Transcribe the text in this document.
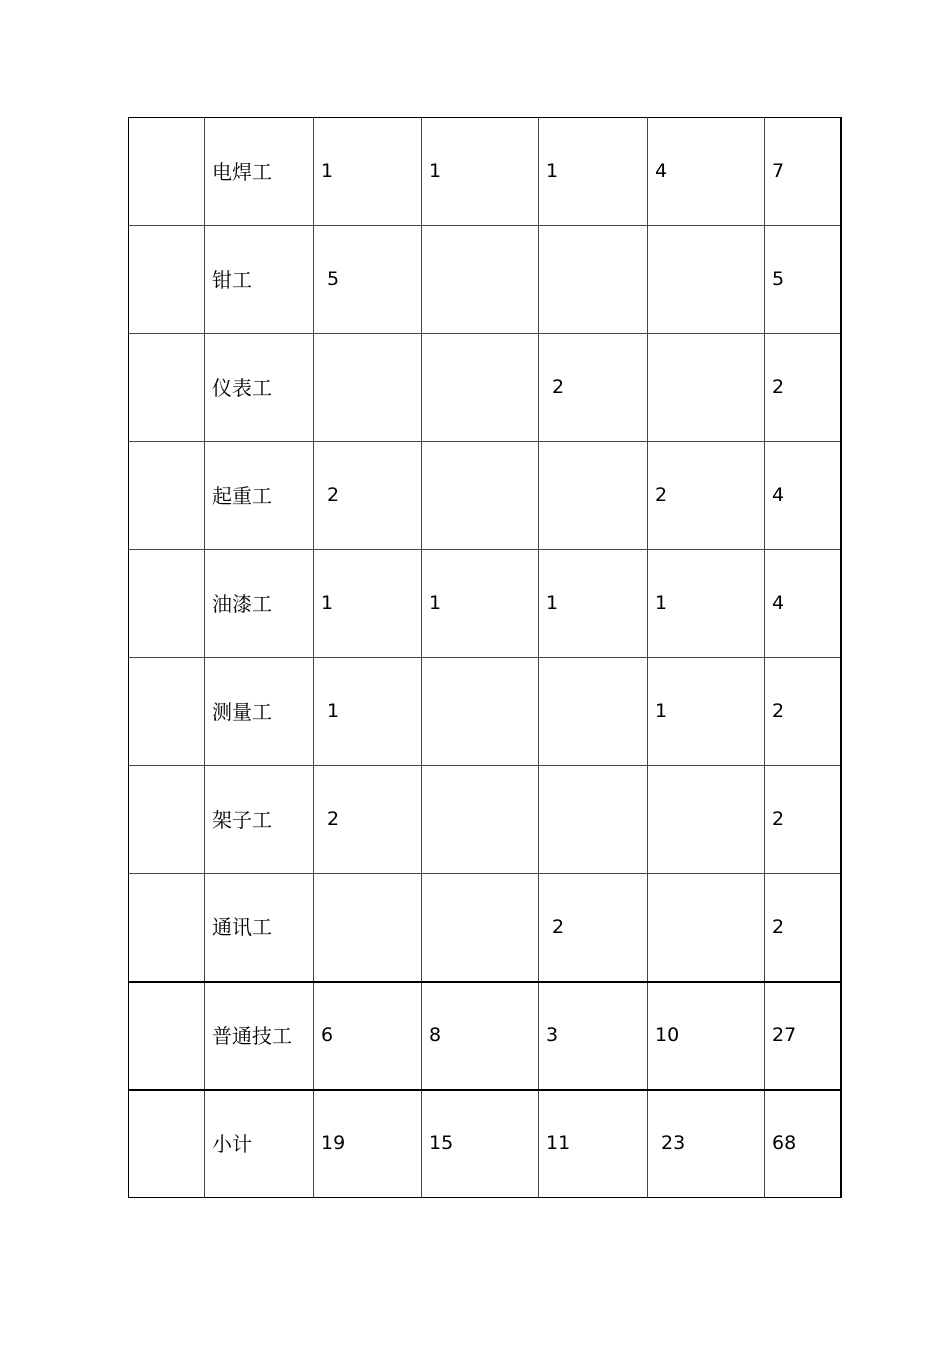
	电焊工	1	1	1	4	7
	钳工	5				5
	仪表工			2		2
	起重工	2			2	4
	油漆工	1	1	1	1	4
	测量工	1			1	2
	架子工	2				2
	通讯工			2		2
	普通技工	6	8	3	10	27
	小计	19	15	11	23	68
